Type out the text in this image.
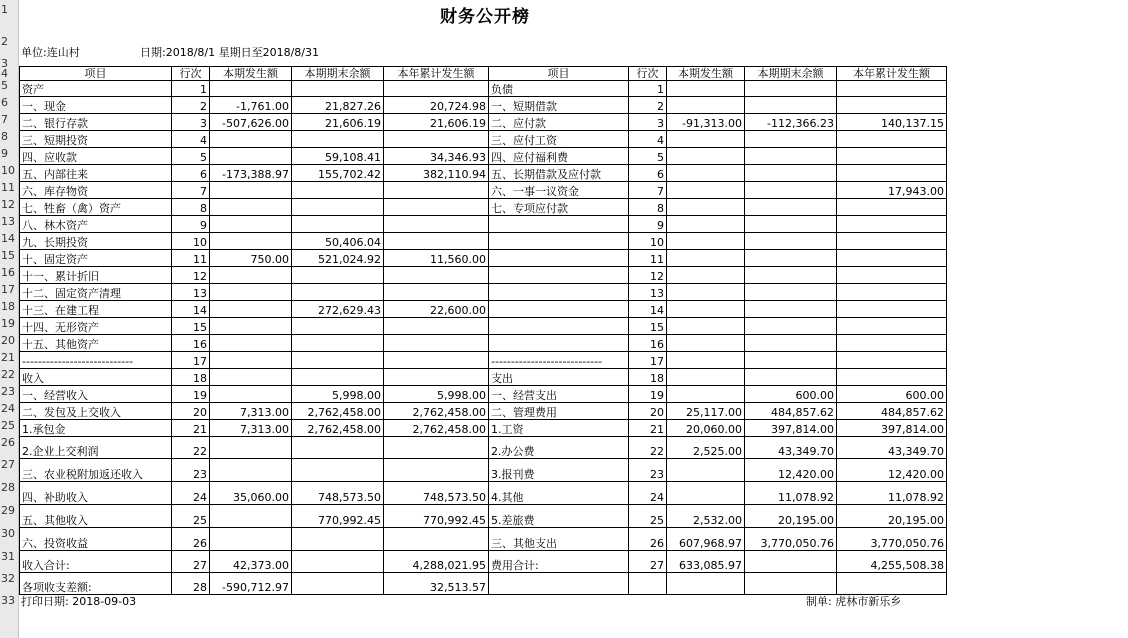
1
2
3
4
5
6
7
8
9
10
11
12
13
14
15
16
17
18
19
20
21
22
23
24
25
26
27
28
29
30
31
32
33
财务公开榜
单位:连山村	日期:2018/8/1 星期日至2018/8/31
项目	行次	本期发生额	本期期末余额	本年累计发生额	项目	行次	本期发生额	本期期末余额	本年累计发生额
资产	1				负债	1			
一、现金	2	-1,761.00	21,827.26	20,724.98	一、短期借款	2			
二、银行存款	3	-507,626.00	21,606.19	21,606.19	二、应付款	3	-91,313.00	-112,366.23	140,137.15
三、短期投资	4				三、应付工资	4			
四、应收款	5		59,108.41	34,346.93	四、应付福利费	5			
五、内部往来	6	-173,388.97	155,702.42	382,110.94	五、长期借款及应付款	6			
六、库存物资	7				六、一事一议资金	7			17,943.00
七、牲畜（禽）资产	8				七、专项应付款	8			
八、林木资产	9					9			
九、长期投资	10		50,406.04			10			
十、固定资产	11	750.00	521,024.92	11,560.00		11			
十一、累计折旧	12					12			
十二、固定资产清理	13					13			
十三、在建工程	14		272,629.43	22,600.00		14			
十四、无形资产	15					15			
十五、其他资产	16					16			
----------------------------	17				----------------------------	17			
收入	18				支出	18			
一、经营收入	19		5,998.00	5,998.00	一、经营支出	19		600.00	600.00
二、发包及上交收入	20	7,313.00	2,762,458.00	2,762,458.00	二、管理费用	20	25,117.00	484,857.62	484,857.62
1.承包金	21	7,313.00	2,762,458.00	2,762,458.00	1.工资	21	20,060.00	397,814.00	397,814.00
2.企业上交利润	22				2.办公费	22	2,525.00	43,349.70	43,349.70
三、农业税附加返还收入	23				3.报刊费	23		12,420.00	12,420.00
四、补助收入	24	35,060.00	748,573.50	748,573.50	4.其他	24		11,078.92	11,078.92
五、其他收入	25		770,992.45	770,992.45	5.差旅费	25	2,532.00	20,195.00	20,195.00
六、投资收益	26				三、其他支出	26	607,968.97	3,770,050.76	3,770,050.76
收入合计:	27	42,373.00		4,288,021.95	费用合计:	27	633,085.97		4,255,508.38
各项收支差额:	28	-590,712.97		32,513.57					
打印日期: 2018-09-03	制单: 虎林市新乐乡
